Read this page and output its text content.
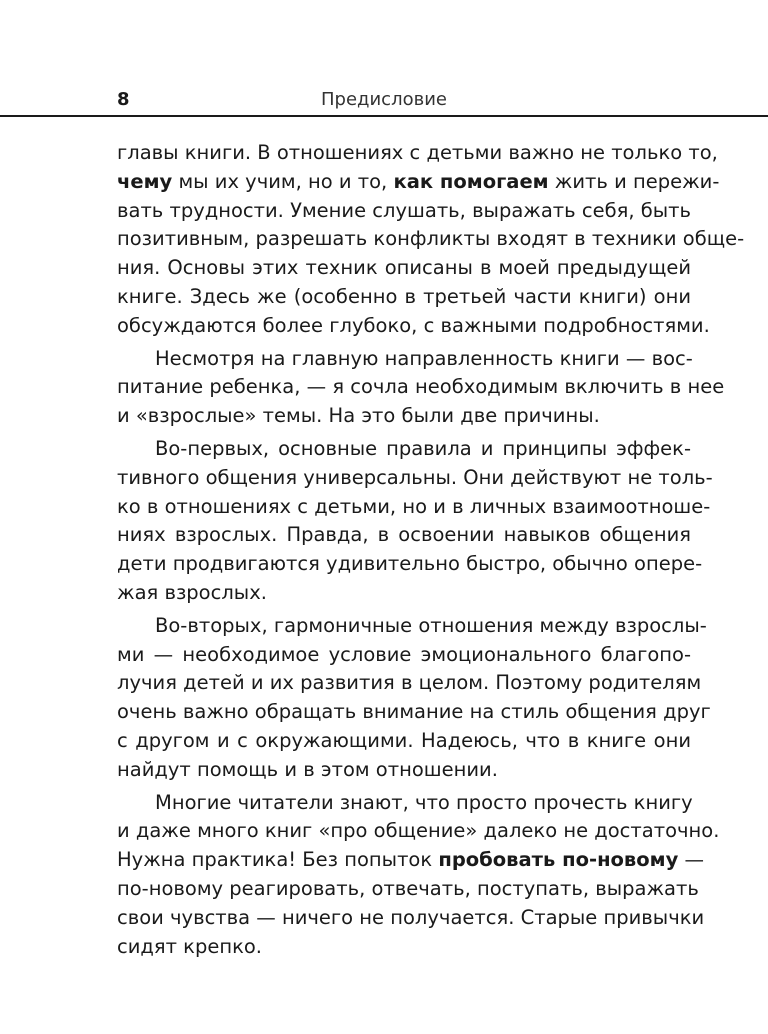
8	Предисловие
главы книги. В отношениях с детьми важно не только то,
чему мы их учим, но и то, как помогаем жить и пережи-
вать трудности. Умение слушать, выражать себя, быть
позитивным, разрешать конфликты входят в техники обще-
ния. Основы этих техник описаны в моей предыдущей
книге. Здесь же (особенно в третьей части книги) они
обсуждаются более глубоко, с важными подробностями.
Несмотря на главную направленность книги — вос-
питание ребенка, — я сочла необходимым включить в нее
и «взрослые» темы. На это были две причины.
Во-первых, основные правила и принципы эффек-
тивного общения универсальны. Они действуют не толь-
ко в отношениях с детьми, но и в личных взаимоотноше-
ниях взрослых. Правда, в освоении навыков общения
дети продвигаются удивительно быстро, обычно опере-
жая взрослых.
Во-вторых, гармоничные отношения между взрослы-
ми — необходимое условие эмоционального благопо-
лучия детей и их развития в целом. Поэтому родителям
очень важно обращать внимание на стиль общения друг
с другом и с окружающими. Надеюсь, что в книге они
найдут помощь и в этом отношении.
Многие читатели знают, что просто прочесть книгу
и даже много книг «про общение» далеко не достаточно.
Нужна практика! Без попыток пробовать по-новому —
по-новому реагировать, отвечать, поступать, выражать
свои чувства — ничего не получается. Старые привычки
сидят крепко.
